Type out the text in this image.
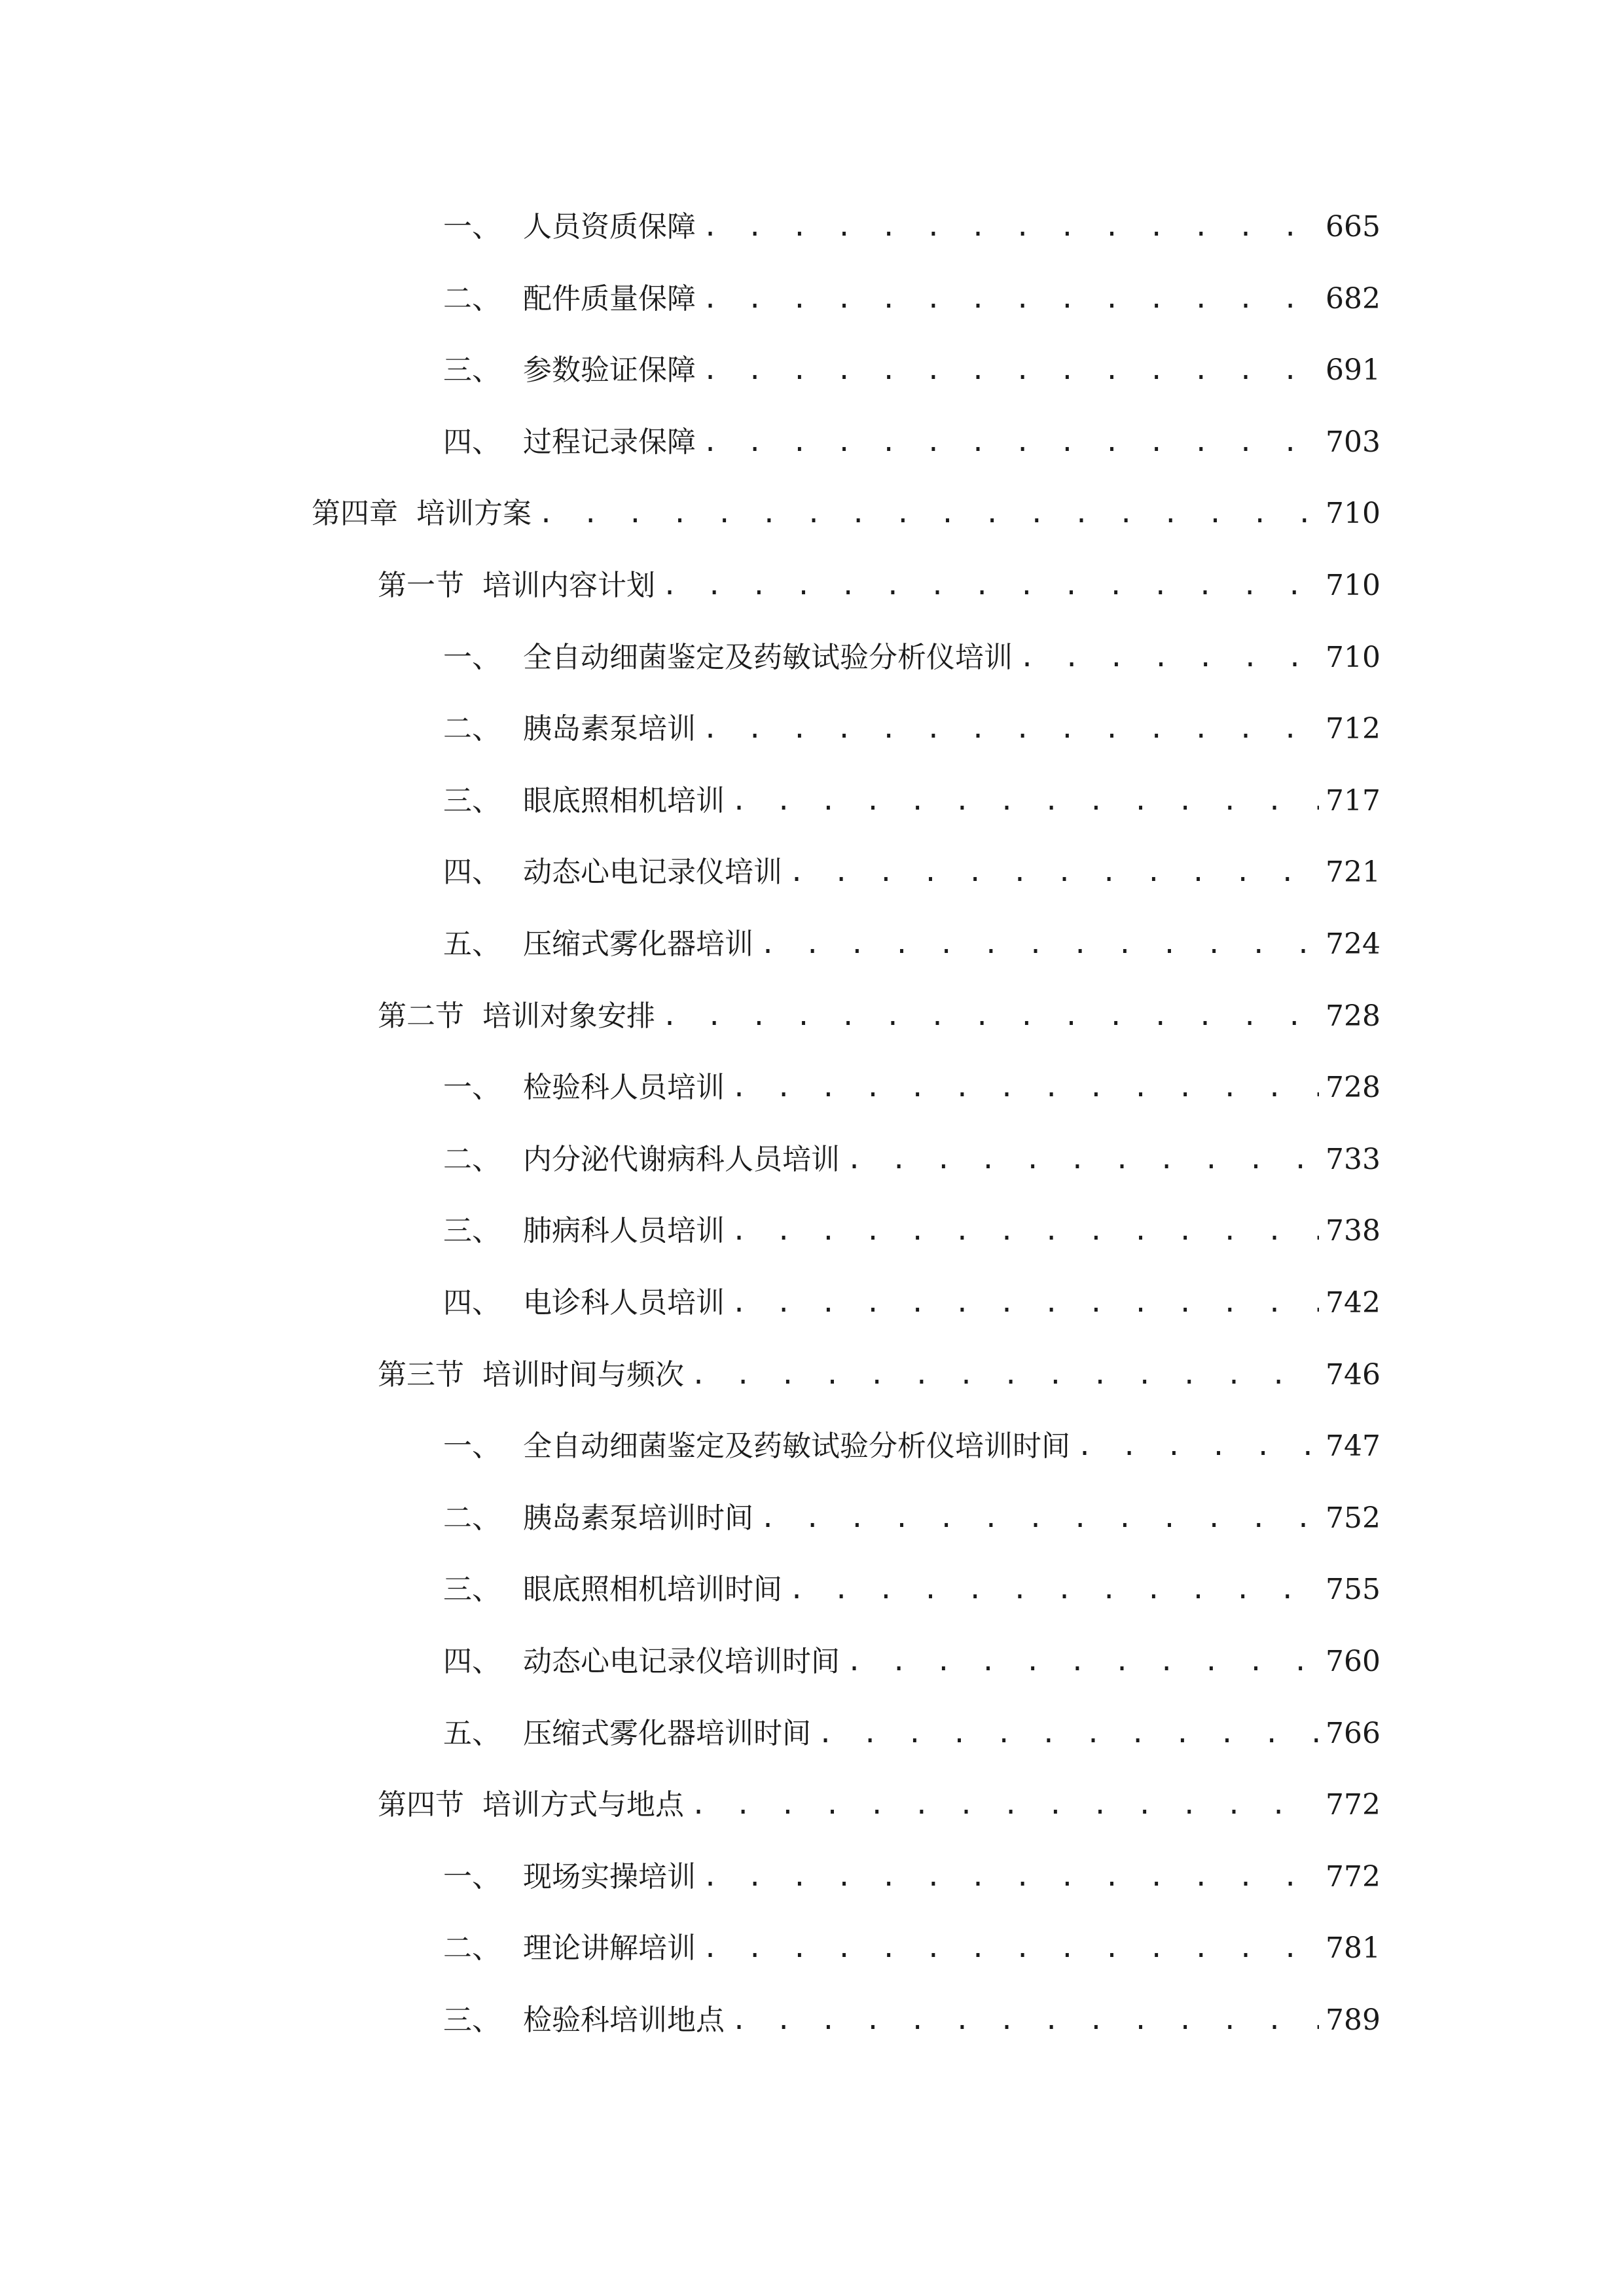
一、 人员资质保障 . . .	665
二、 配件质量保障 . . .	682
三、 参数验证保障 . . .	691
四、 过程记录保障 . . .	703
第四章 培训方案 . . .	710
第一节 培训内容计划 . . .	710
一、 全自动细菌鉴定及药敏试验分析仪培训 . . .	710
二、 胰岛素泵培训 . . .	712
三、 眼底照相机培训 . . .	717
四、 动态心电记录仪培训 . . .	721
五、 压缩式雾化器培训 . . .	724
第二节 培训对象安排 . . .	728
一、 检验科人员培训 . . .	728
二、 内分泌代谢病科人员培训 . . .	733
三、 肺病科人员培训 . . .	738
四、 电诊科人员培训 . . .	742
第三节 培训时间与频次 . . .	746
一、 全自动细菌鉴定及药敏试验分析仪培训时间 . . .	747
二、 胰岛素泵培训时间 . . .	752
三、 眼底照相机培训时间 . . .	755
四、 动态心电记录仪培训时间 . . .	760
五、 压缩式雾化器培训时间 . . .	766
第四节 培训方式与地点 . . .	772
一、 现场实操培训 . . .	772
二、 理论讲解培训 . . .	781
三、 检验科培训地点 . . .	789
